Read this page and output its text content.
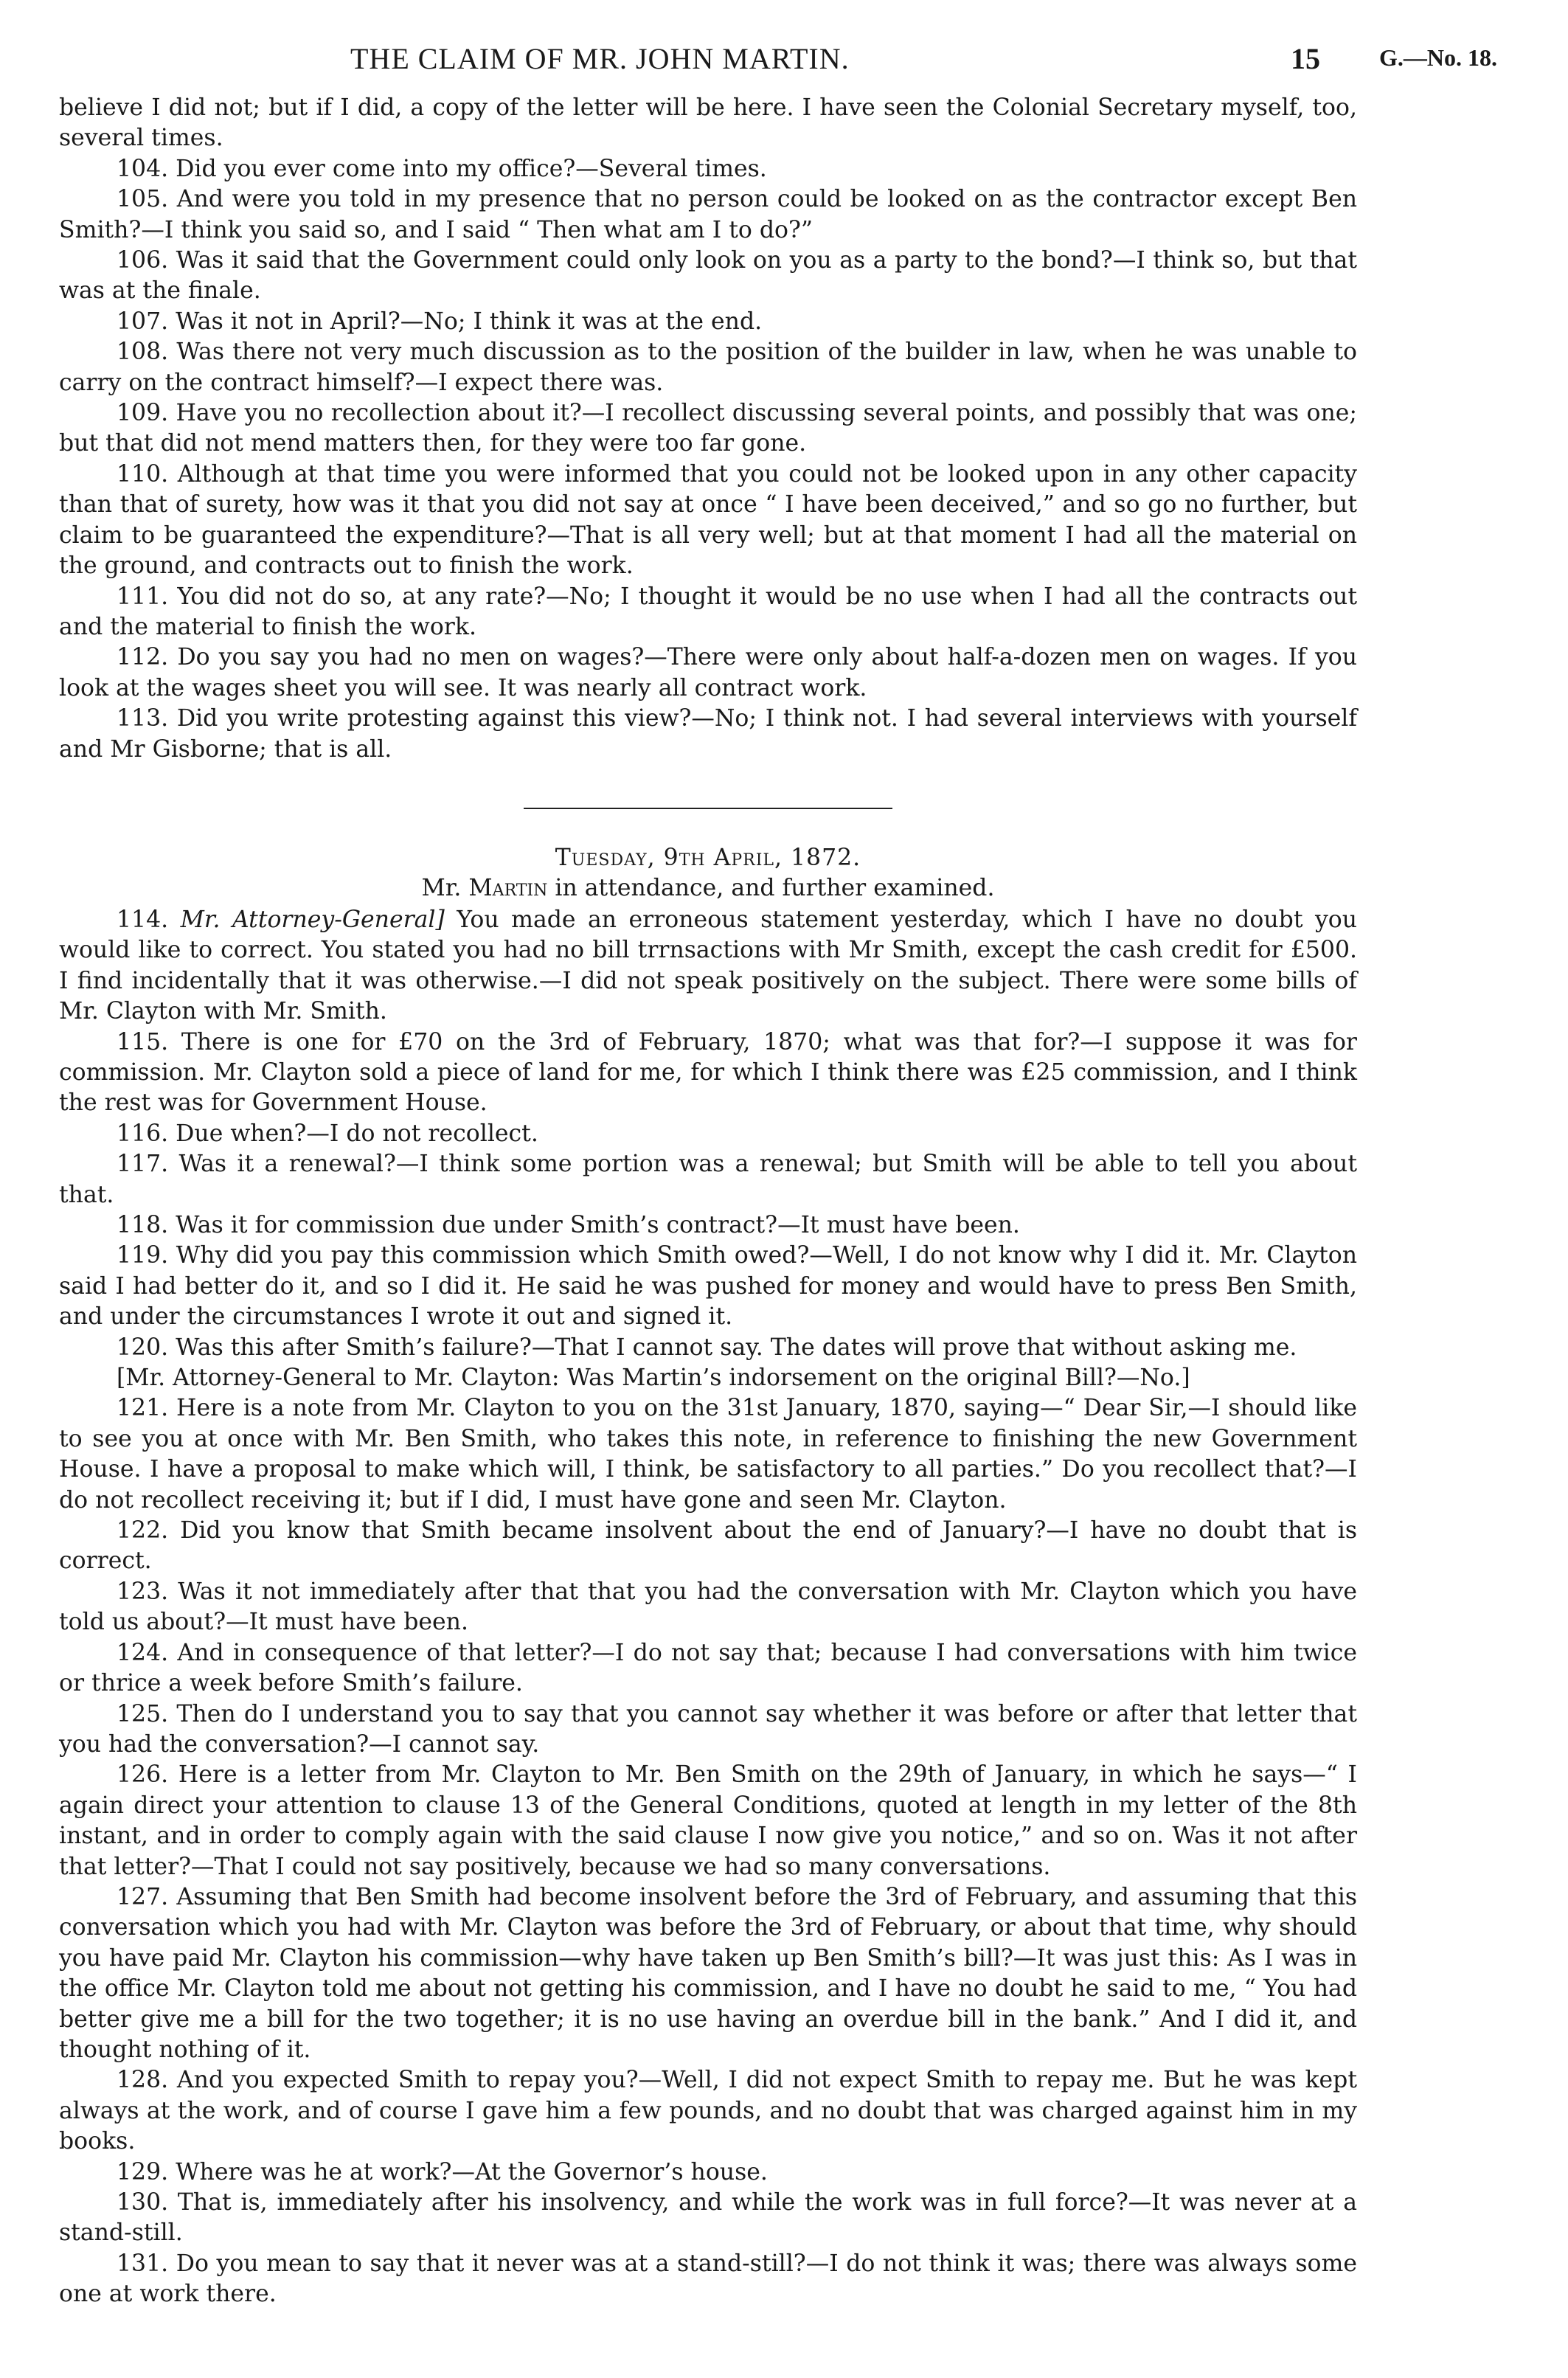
THE CLAIM OF MR. JOHN MARTIN.	15	G.—No. 18.

believe I did not; but if I did, a copy of the letter will be here. I have seen the Colonial Secretary myself, too, several times.

104. Did you ever come into my office?—Several times.

105. And were you told in my presence that no person could be looked on as the contractor except Ben Smith?—I think you said so, and I said “ Then what am I to do?”

106. Was it said that the Government could only look on you as a party to the bond?—I think so, but that was at the finale.

107. Was it not in April?—No; I think it was at the end.

108. Was there not very much discussion as to the position of the builder in law, when he was unable to carry on the contract himself?—I expect there was.

109. Have you no recollection about it?—I recollect discussing several points, and possibly that was one; but that did not mend matters then, for they were too far gone.

110. Although at that time you were informed that you could not be looked upon in any other capacity than that of surety, how was it that you did not say at once “ I have been deceived,” and so go no further, but claim to be guaranteed the expenditure?—That is all very well; but at that moment I had all the material on the ground, and contracts out to finish the work.

111. You did not do so, at any rate?—No; I thought it would be no use when I had all the contracts out and the material to finish the work.

112. Do you say you had no men on wages?—There were only about half-a-dozen men on wages. If you look at the wages sheet you will see. It was nearly all contract work.

113. Did you write protesting against this view?—No; I think not. I had several interviews with yourself and Mr Gisborne; that is all.

Tuesday, 9th April, 1872.
Mr. Martin in attendance, and further examined.

114. Mr. Attorney-General] You made an erroneous statement yesterday, which I have no doubt you would like to correct. You stated you had no bill trrnsactions with Mr Smith, except the cash credit for £500. I find incidentally that it was otherwise.—I did not speak positively on the subject. There were some bills of Mr. Clayton with Mr. Smith.

115. There is one for £70 on the 3rd of February, 1870; what was that for?—I suppose it was for commission. Mr. Clayton sold a piece of land for me, for which I think there was £25 commission, and I think the rest was for Government House.

116. Due when?—I do not recollect.

117. Was it a renewal?—I think some portion was a renewal; but Smith will be able to tell you about that.

118. Was it for commission due under Smith’s contract?—It must have been.

119. Why did you pay this commission which Smith owed?—Well, I do not know why I did it. Mr. Clayton said I had better do it, and so I did it. He said he was pushed for money and would have to press Ben Smith, and under the circumstances I wrote it out and signed it.

120. Was this after Smith’s failure?—That I cannot say. The dates will prove that without asking me.

[Mr. Attorney-General to Mr. Clayton: Was Martin’s indorsement on the original Bill?—No.]

121. Here is a note from Mr. Clayton to you on the 31st January, 1870, saying—“ Dear Sir,—I should like to see you at once with Mr. Ben Smith, who takes this note, in reference to finishing the new Government House. I have a proposal to make which will, I think, be satisfactory to all parties.” Do you recollect that?—I do not recollect receiving it; but if I did, I must have gone and seen Mr. Clayton.

122. Did you know that Smith became insolvent about the end of January?—I have no doubt that is correct.

123. Was it not immediately after that that you had the conversation with Mr. Clayton which you have told us about?—It must have been.

124. And in consequence of that letter?—I do not say that; because I had conversations with him twice or thrice a week before Smith’s failure.

125. Then do I understand you to say that you cannot say whether it was before or after that letter that you had the conversation?—I cannot say.

126. Here is a letter from Mr. Clayton to Mr. Ben Smith on the 29th of January, in which he says—“ I again direct your attention to clause 13 of the General Conditions, quoted at length in my letter of the 8th instant, and in order to comply again with the said clause I now give you notice,” and so on. Was it not after that letter?—That I could not say positively, because we had so many conversations.

127. Assuming that Ben Smith had become insolvent before the 3rd of February, and assuming that this conversation which you had with Mr. Clayton was before the 3rd of February, or about that time, why should you have paid Mr. Clayton his commission—why have taken up Ben Smith’s bill?—It was just this: As I was in the office Mr. Clayton told me about not getting his commission, and I have no doubt he said to me, “ You had better give me a bill for the two together; it is no use having an overdue bill in the bank.” And I did it, and thought nothing of it.

128. And you expected Smith to repay you?—Well, I did not expect Smith to repay me. But he was kept always at the work, and of course I gave him a few pounds, and no doubt that was charged against him in my books.

129. Where was he at work?—At the Governor’s house.

130. That is, immediately after his insolvency, and while the work was in full force?—It was never at a stand-still.

131. Do you mean to say that it never was at a stand-still?—I do not think it was; there was always some one at work there.
